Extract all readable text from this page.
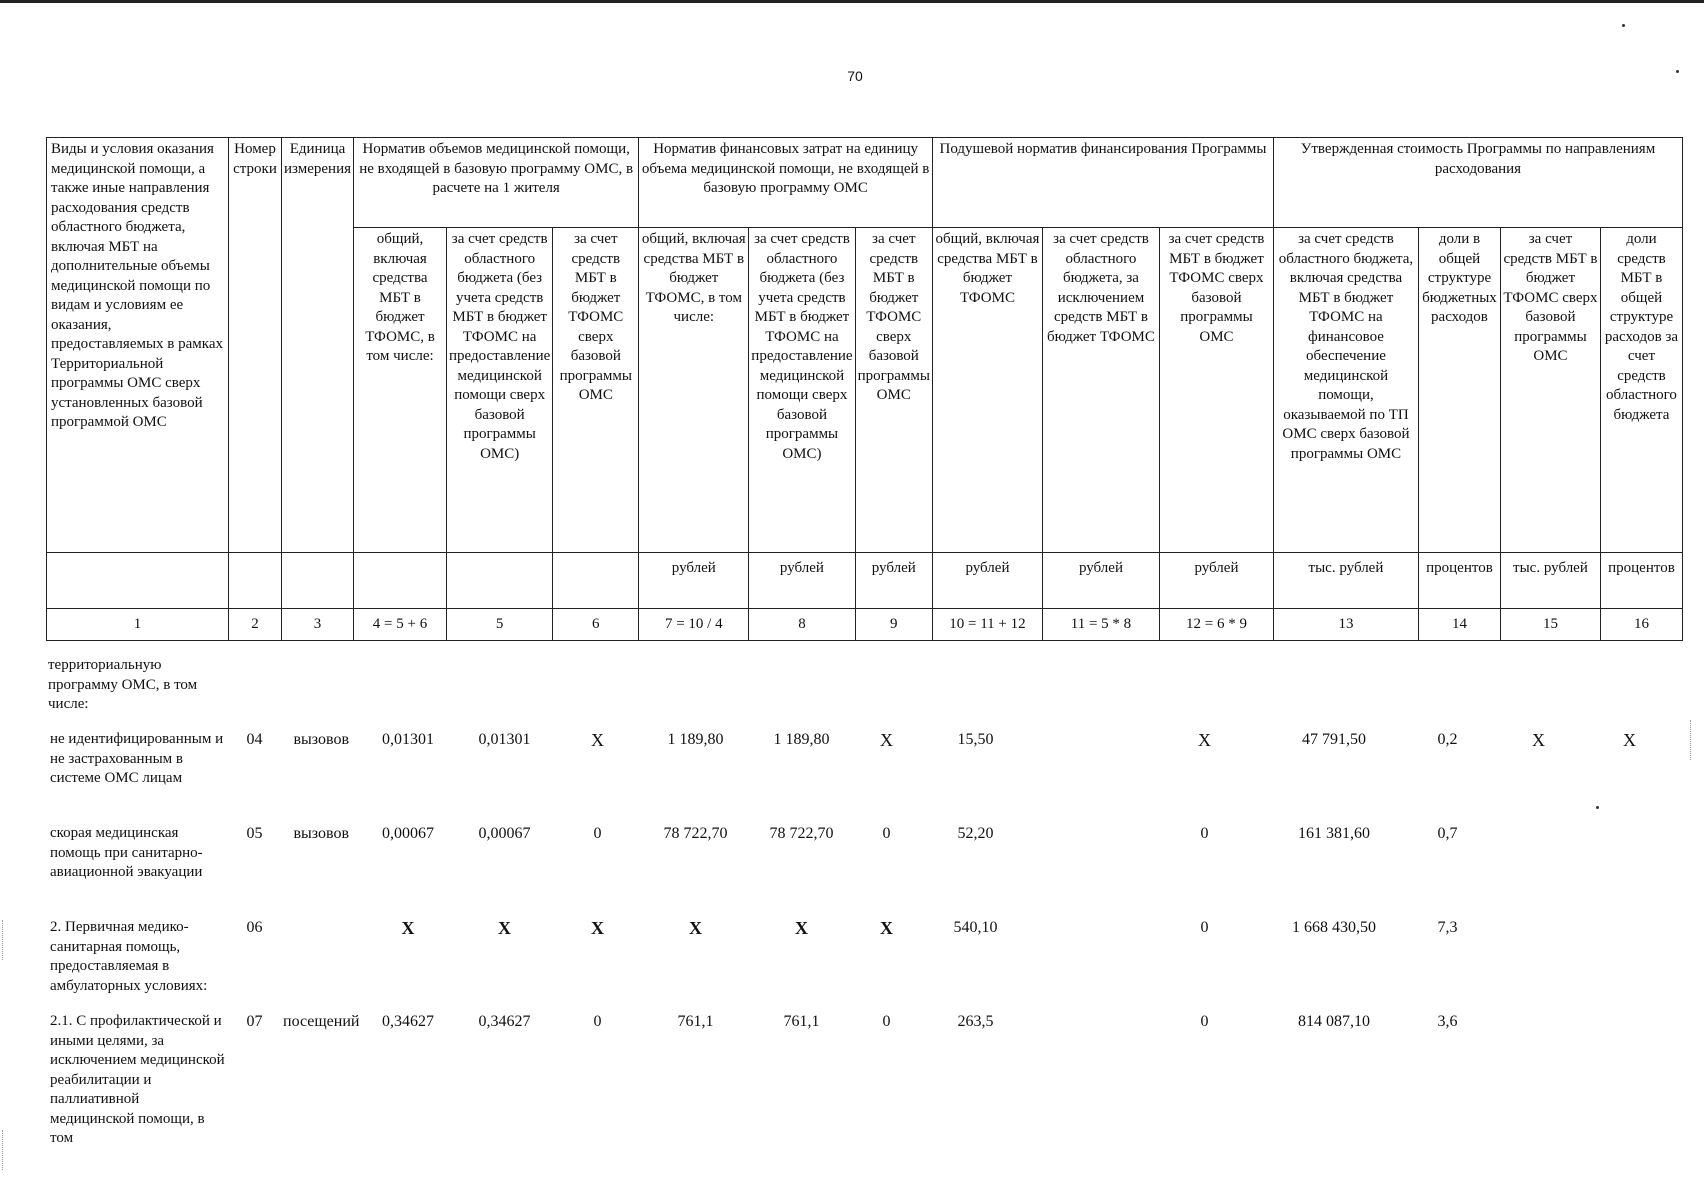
70
Виды и условия оказания медицинской помощи, а также иные направления расходования средств областного бюджета, включая МБТ на дополнительные объемы медицинской помощи по видам и условиям ее оказания, предоставляемых в рамках Территориальной программы ОМС сверх установленных базовой программой ОМС	Номер строки	Единица измерения	Норматив объемов медицинской помощи, не входящей в базовую программу ОМС, в расчете на 1 жителя			Норматив финансовых затрат на единицу объема медицинской помощи, не входящей в базовую программу ОМС			Подушевой норматив финансирования Программы			Утвержденная стоимость Программы по направлениям расходования			
			общий, включая средства МБТ в бюджет ТФОМС, в том числе:	за счет средств областного бюджета (без учета средств МБТ в бюджет ТФОМС на предоставление медицинской помощи сверх базовой программы ОМС)	за счет средств МБТ в бюджет ТФОМС сверх базовой программы ОМС	общий, включая средства МБТ в бюджет ТФОМС, в том числе:	за счет средств областного бюджета (без учета средств МБТ в бюджет ТФОМС на предоставление медицинской помощи сверх базовой программы ОМС)	за счет средств МБТ в бюджет ТФОМС сверх базовой программы ОМС	общий, включая средства МБТ в бюджет ТФОМС	за счет средств областного бюджета, за исключением средств МБТ в бюджет ТФОМС	за счет средств МБТ в бюджет ТФОМС сверх базовой программы ОМС	за счет средств областного бюджета, включая средства МБТ в бюджет ТФОМС на финансовое обеспечение медицинской помощи, оказываемой по ТП ОМС сверх базовой программы ОМС	доли в общей структуре бюджетных расходов	за счет средств МБТ в бюджет ТФОМС сверх базовой программы ОМС	доли средств МБТ в общей структуре расходов за счет средств областного бюджета
						рублей	рублей	рублей	рублей	рублей	рублей	тыс. рублей	процентов	тыс. рублей	процентов
1	2	3	4 = 5 + 6	5	6	7 = 10 / 4	8	9	10 = 11 + 12	11 = 5 * 8	12 = 6 * 9	13	14	15	16
территориальную программу ОМС, в том числе:
не идентифицированным и не застрахованным в системе ОМС лицам	04	вызовов	0,01301	0,01301	Х	1 189,80	1 189,80	Х	15,50		Х	47 791,50	0,2	Х	Х
скорая медицинская помощь при санитарно-авиационной эвакуации	05	вызовов	0,00067	0,00067	0	78 722,70	78 722,70	0	52,20		0	161 381,60	0,7		
2. Первичная медико-санитарная помощь, предоставляемая в амбулаторных условиях:	06		Х	Х	Х	Х	Х	Х	540,10		0	1 668 430,50	7,3		
2.1. С профилактической и иными целями, за исключением медицинской реабилитации и паллиативной медицинской помощи, в том	07	посещений	0,34627	0,34627	0	761,1	761,1	0	263,5		0	814 087,10	3,6		
